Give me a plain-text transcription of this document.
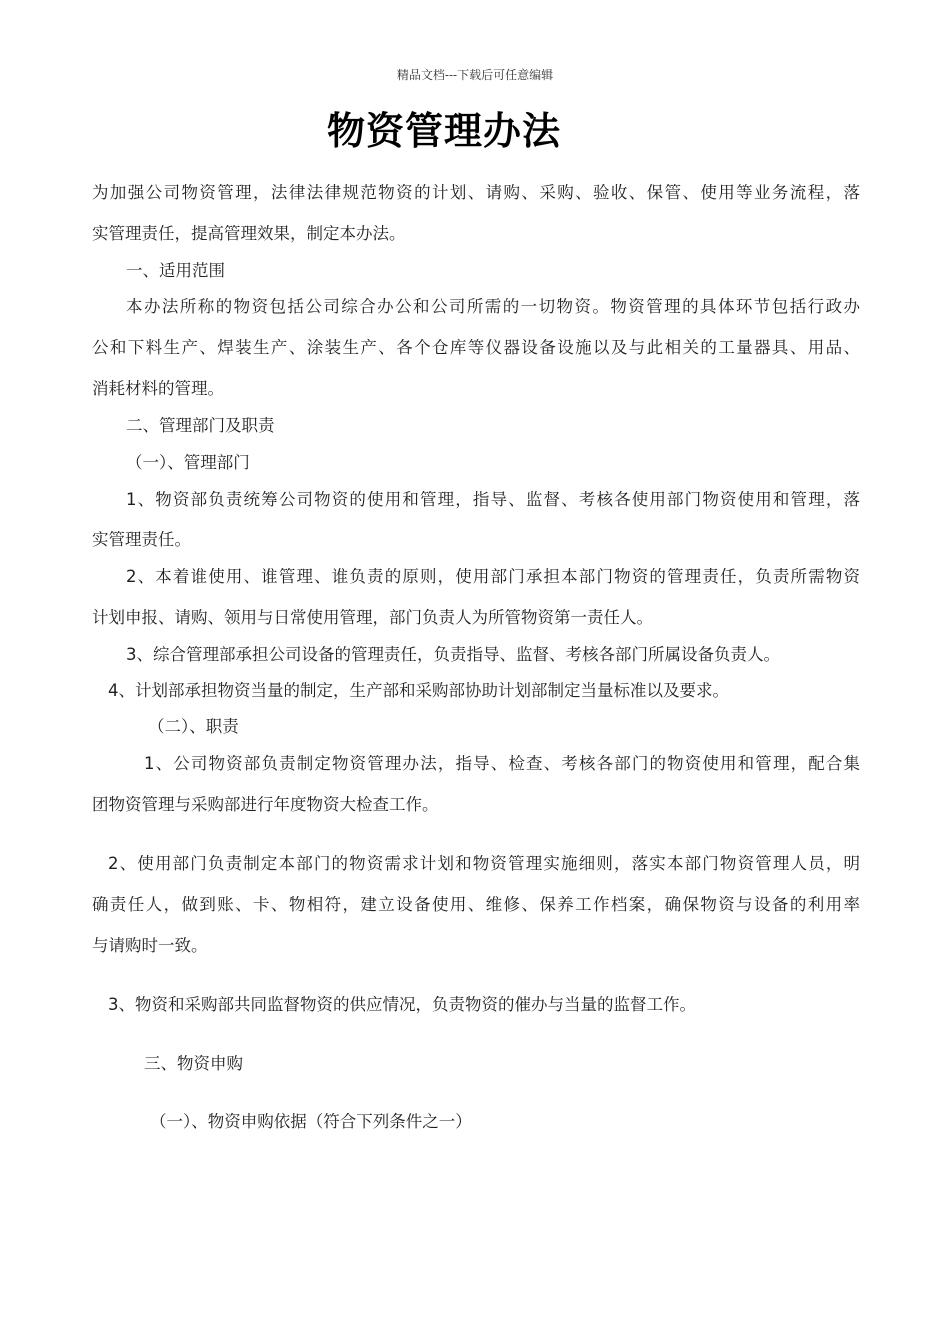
精品文档---下载后可任意编辑
物资管理办法
为加强公司物资管理，法律法律规范物资的计划、请购、采购、验收、保管、使用等业务流程，落
实管理责任，提高管理效果，制定本办法。
一、适用范围
本办法所称的物资包括公司综合办公和公司所需的一切物资。物资管理的具体环节包括行政办
公和下料生产、焊装生产、涂装生产、各个仓库等仪器设备设施以及与此相关的工量器具、用品、
消耗材料的管理。
二、管理部门及职责
（一）、管理部门
1、物资部负责统筹公司物资的使用和管理，指导、监督、考核各使用部门物资使用和管理，落
实管理责任。
2、本着谁使用、谁管理、谁负责的原则，使用部门承担本部门物资的管理责任，负责所需物资
计划申报、请购、领用与日常使用管理，部门负责人为所管物资第一责任人。
3、综合管理部承担公司设备的管理责任，负责指导、监督、考核各部门所属设备负责人。
4、计划部承担物资当量的制定，生产部和采购部协助计划部制定当量标准以及要求。
（二）、职责
1、公司物资部负责制定物资管理办法，指导、检查、考核各部门的物资使用和管理，配合集
团物资管理与采购部进行年度物资大检查工作。
2、使用部门负责制定本部门的物资需求计划和物资管理实施细则，落实本部门物资管理人员，明
确责任人，做到账、卡、物相符，建立设备使用、维修、保养工作档案，确保物资与设备的利用率
与请购时一致。
3、物资和采购部共同监督物资的供应情况，负责物资的催办与当量的监督工作。
三、物资申购
（一）、物资申购依据（符合下列条件之一）
